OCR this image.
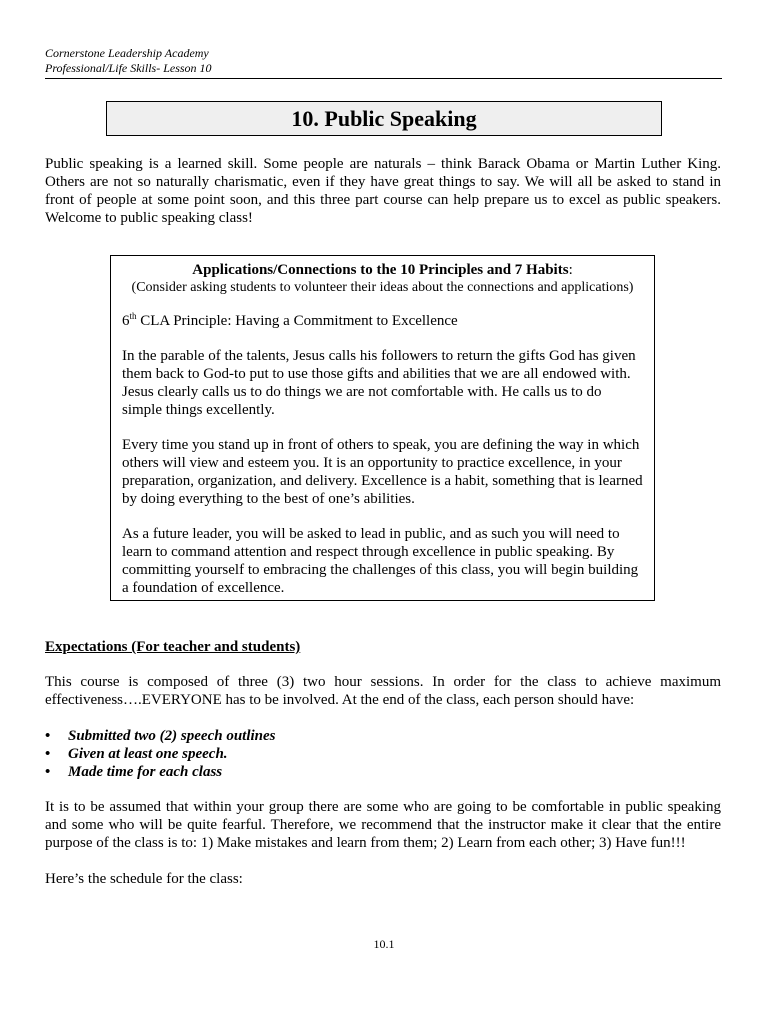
Cornerstone Leadership Academy
Professional/Life Skills- Lesson 10
10. Public Speaking

Public speaking is a learned skill. Some people are naturals – think Barack Obama or Martin Luther King. Others are not so naturally charismatic, even if they have great things to say. We will all be asked to stand in front of people at some point soon, and this three part course can help prepare us to excel as public speakers. Welcome to public speaking class!

Applications/Connections to the 10 Principles and 7 Habits:
(Consider asking students to volunteer their ideas about the connections and applications)

6th CLA Principle: Having a Commitment to Excellence

In the parable of the talents, Jesus calls his followers to return the gifts God has given them back to God-to put to use those gifts and abilities that we are all endowed with. Jesus clearly calls us to do things we are not comfortable with. He calls us to do simple things excellently.

Every time you stand up in front of others to speak, you are defining the way in which others will view and esteem you. It is an opportunity to practice excellence, in your preparation, organization, and delivery. Excellence is a habit, something that is learned by doing everything to the best of one’s abilities.

As a future leader, you will be asked to lead in public, and as such you will need to learn to command attention and respect through excellence in public speaking. By committing yourself to embracing the challenges of this class, you will begin building a foundation of excellence.

Expectations (For teacher and students)

This course is composed of three (3) two hour sessions. In order for the class to achieve maximum effectiveness….EVERYONE has to be involved. At the end of the class, each person should have:

• Submitted two (2) speech outlines
• Given at least one speech.
• Made time for each class

It is to be assumed that within your group there are some who are going to be comfortable in public speaking and some who will be quite fearful. Therefore, we recommend that the instructor make it clear that the entire purpose of the class is to: 1) Make mistakes and learn from them; 2) Learn from each other; 3) Have fun!!!

Here’s the schedule for the class:

10.1
